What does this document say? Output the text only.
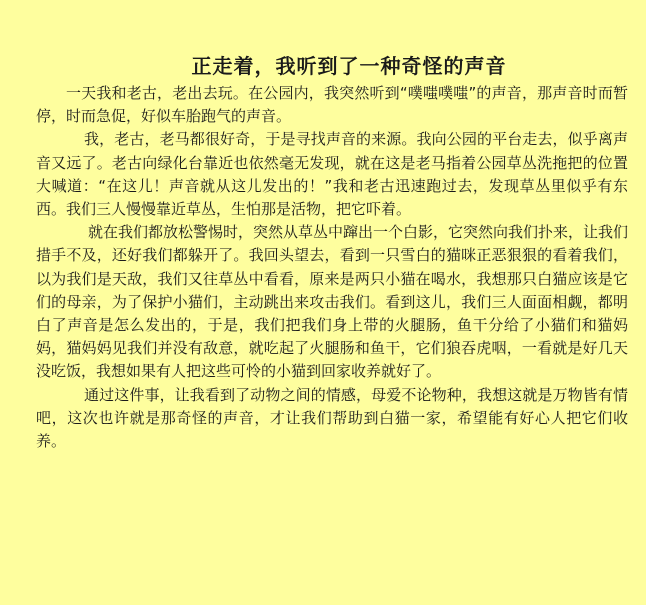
正走着，我听到了一种奇怪的声音

一天我和老古，老出去玩。在公园内，我突然听到“噗嗤噗嗤”的声音，那声音时而暂停，时而急促，好似车胎跑气的声音。

我，老古，老马都很好奇，于是寻找声音的来源。我向公园的平台走去，似乎离声音又远了。老古向绿化台靠近也依然毫无发现，就在这是老马指着公园草丛洗拖把的位置大喊道：“在这儿！声音就从这儿发出的！”我和老古迅速跑过去，发现草丛里似乎有东西。我们三人慢慢靠近草丛，生怕那是活物，把它吓着。

就在我们都放松警惕时，突然从草丛中蹿出一个白影，它突然向我们扑来，让我们措手不及，还好我们都躲开了。我回头望去，看到一只雪白的猫咪正恶狠狠的看着我们，以为我们是天敌，我们又往草丛中看看，原来是两只小猫在喝水，我想那只白猫应该是它们的母亲，为了保护小猫们，主动跳出来攻击我们。看到这儿，我们三人面面相觑，都明白了声音是怎么发出的，于是，我们把我们身上带的火腿肠，鱼干分给了小猫们和猫妈妈，猫妈妈见我们并没有敌意，就吃起了火腿肠和鱼干，它们狼吞虎咽，一看就是好几天没吃饭，我想如果有人把这些可怜的小猫到回家收养就好了。

通过这件事，让我看到了动物之间的情感，母爱不论物种，我想这就是万物皆有情吧，这次也许就是那奇怪的声音，才让我们帮助到白猫一家，希望能有好心人把它们收养。
